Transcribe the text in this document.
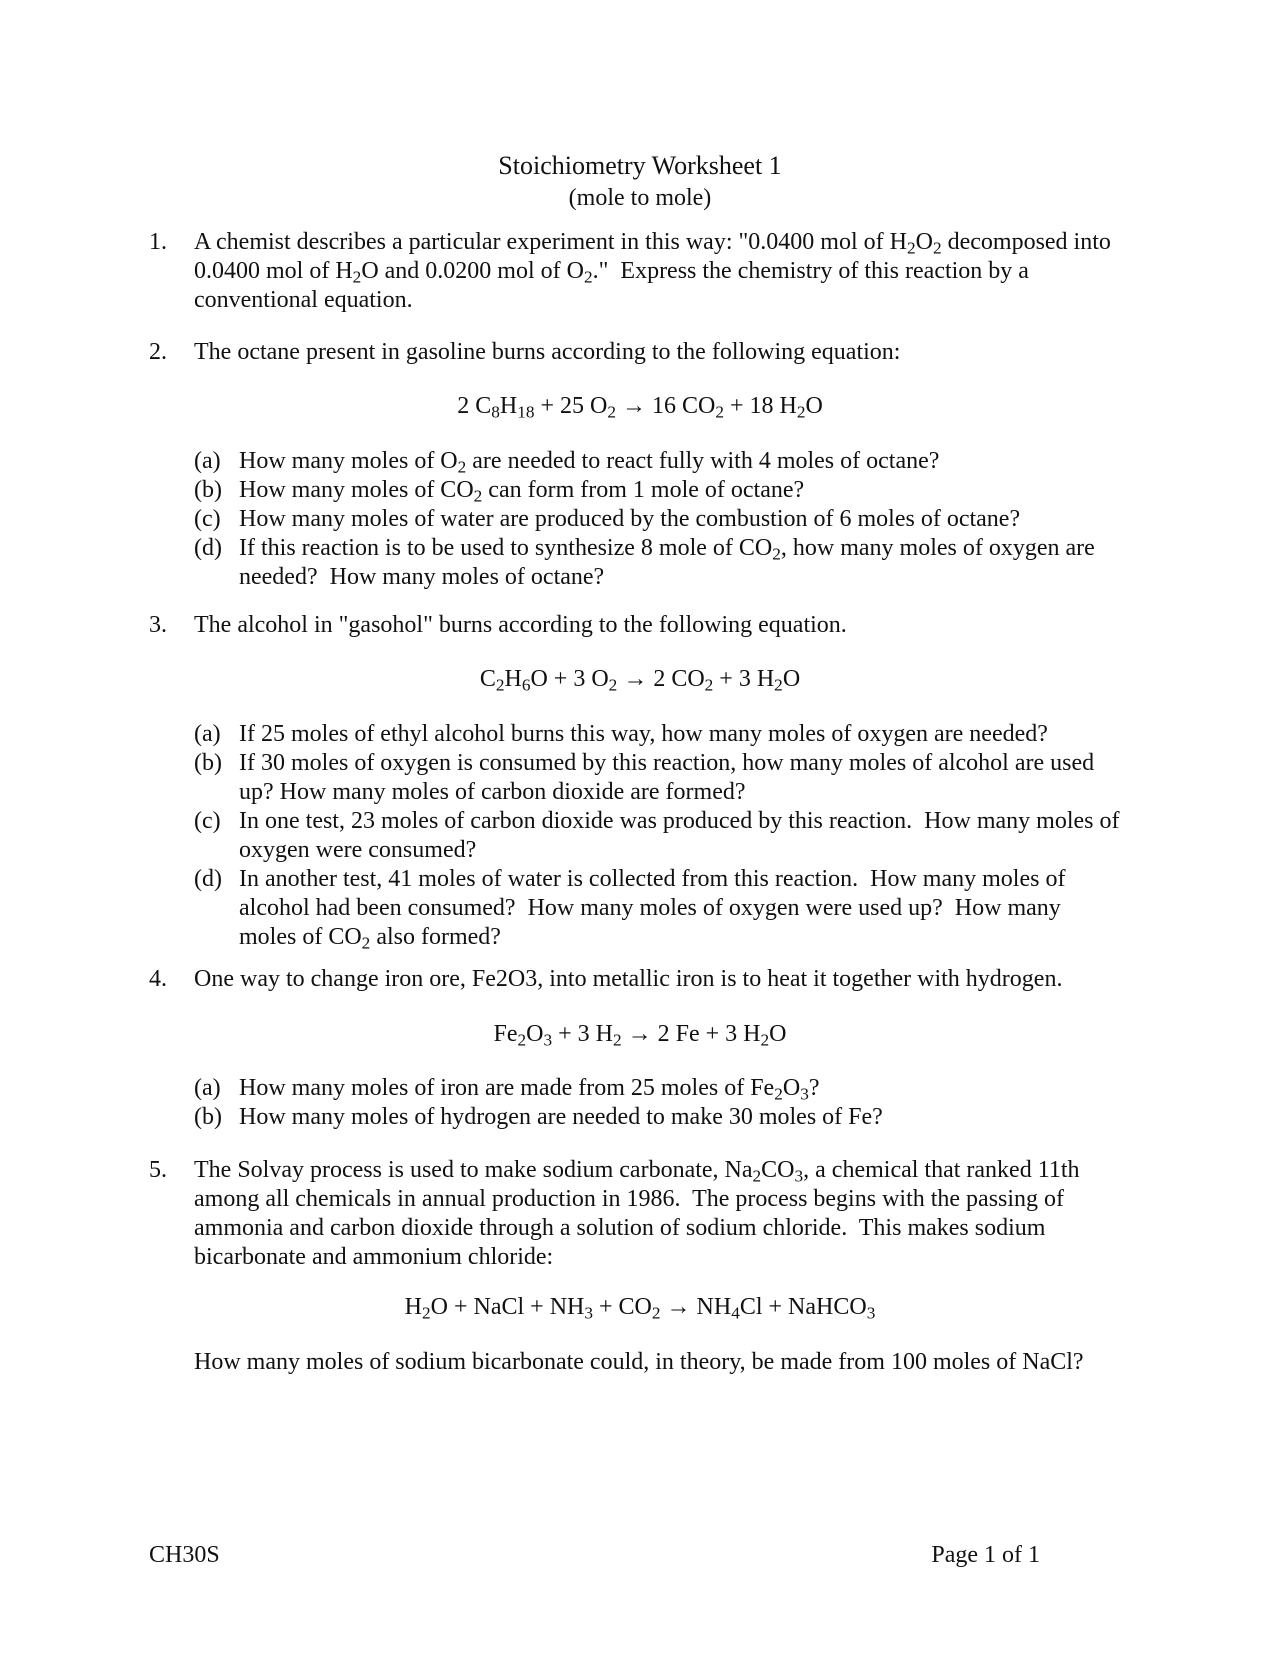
Stoichiometry Worksheet 1
(mole to mole)
1.	A chemist describes a particular experiment in this way: "0.0400 mol of $H_2O_2$ decomposed into 0.0400 mol of $H_2O$ and 0.0200 mol of $O_2$."  Express the chemistry of this reaction by a conventional equation.
2.	The octane present in gasoline burns according to the following equation:
2 $C_8H_{18} + 25$ $O_2 \to 16$ $CO_2 + 18$ $H_2O$
(a) How many moles of $O_2$ are needed to react fully with 4 moles of octane?
(b) How many moles of $CO_2$ can form from 1 mole of octane?
(c) How many moles of water are produced by the combustion of 6 moles of octane?
(d) If this reaction is to be used to synthesize 8 mole of $CO_2$, how many moles of oxygen are needed?  How many moles of octane?
3.	The alcohol in "gasohol" burns according to the following equation.
$C_2H_6O + 3$ $O_2 \to 2$ $CO_2 + 3$ $H_2O$
(a) If 25 moles of ethyl alcohol burns this way, how many moles of oxygen are needed?
(b) If 30 moles of oxygen is consumed by this reaction, how many moles of alcohol are used up? How many moles of carbon dioxide are formed?
(c) In one test, 23 moles of carbon dioxide was produced by this reaction.  How many moles of oxygen were consumed?
(d) In another test, 41 moles of water is collected from this reaction.  How many moles of alcohol had been consumed?  How many moles of oxygen were used up?  How many moles of $CO_2$ also formed?
4.	One way to change iron ore, Fe2O3, into metallic iron is to heat it together with hydrogen.
$Fe_2O_3 + 3$ $H_2 \to 2$ Fe + 3 $H_2O$
(a) How many moles of iron are made from 25 moles of $Fe_2O_3$?
(b) How many moles of hydrogen are needed to make 30 moles of Fe?
5.	The Solvay process is used to make sodium carbonate, $Na_2CO_3$, a chemical that ranked 11th among all chemicals in annual production in 1986.  The process begins with the passing of ammonia and carbon dioxide through a solution of sodium chloride.  This makes sodium bicarbonate and ammonium chloride:
$H_2O$ + NaCl + $NH_3 + CO_2 \to NH_4Cl$ + NaHCO$_3$
How many moles of sodium bicarbonate could, in theory, be made from 100 moles of NaCl?
CH30S	Page 1 of 1
